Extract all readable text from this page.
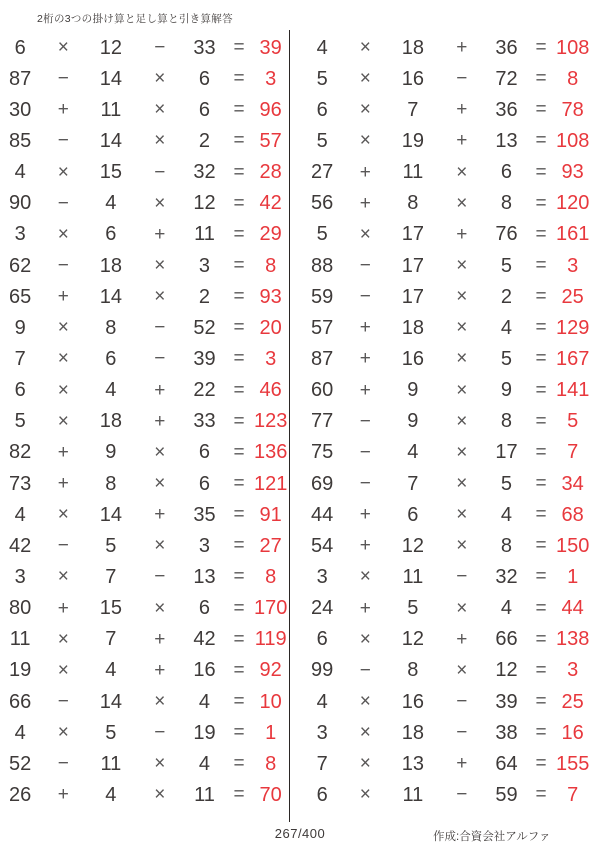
2桁の3つの掛け算と足し算と引き算解答
6	×	12	−	33 = 39
87	−	14	×	6	=	3
30	+	11	×	6	= 96
85	−	14	×	2	= 57
4	×	15	−	32 = 28
90	−	4	×	12 = 42
3	×	6	+	11 = 29
62	−	18	×	3	=	8
65	+	14	×	2	= 93
9	×	8	−	52 = 20
7	×	6	−	39 =	3
6	×	4	+	22 = 46
5	×	18	+	33 = 123
82	+	9	×	6	= 136
73	+	8	×	6	= 121
4	×	14	+	35 = 91
42	−	5	×	3	= 27
3	×	7	−	13 =	8
80	+	15	×	6	= 170
11	×	7	+	42 = 119
19	×	4	+	16 = 92
66	−	14	×	4	= 10
4	×	5	−	19 =	1
52	−	11	×	4	=	8
26	+	4	×	11 = 70
4	×	18	+	36 = 108
5	×	16	−	72 =	8
6	×	7	+	36 = 78
5	×	19	+	13 = 108
27	+	11	×	6	= 93
56	+	8	×	8	= 120
5	×	17	+	76 = 161
88	−	17	×	5	=	3
59	−	17	×	2	= 25
57	+	18	×	4	= 129
87	+	16	×	5	= 167
60	+	9	×	9	= 141
77	−	9	×	8	=	5
75	−	4	×	17 =	7
69	−	7	×	5	= 34
44	+	6	×	4	= 68
54	+	12	×	8	= 150
3	×	11	−	32 =	1
24	+	5	×	4	= 44
6	×	12	+	66 = 138
99	−	8	×	12 =	3
4	×	16	−	39 = 25
3	×	18	−	38 = 16
7	×	13	+	64 = 155
6	×	11	−	59 =	7
267/400	作成:合資会社アルファ
